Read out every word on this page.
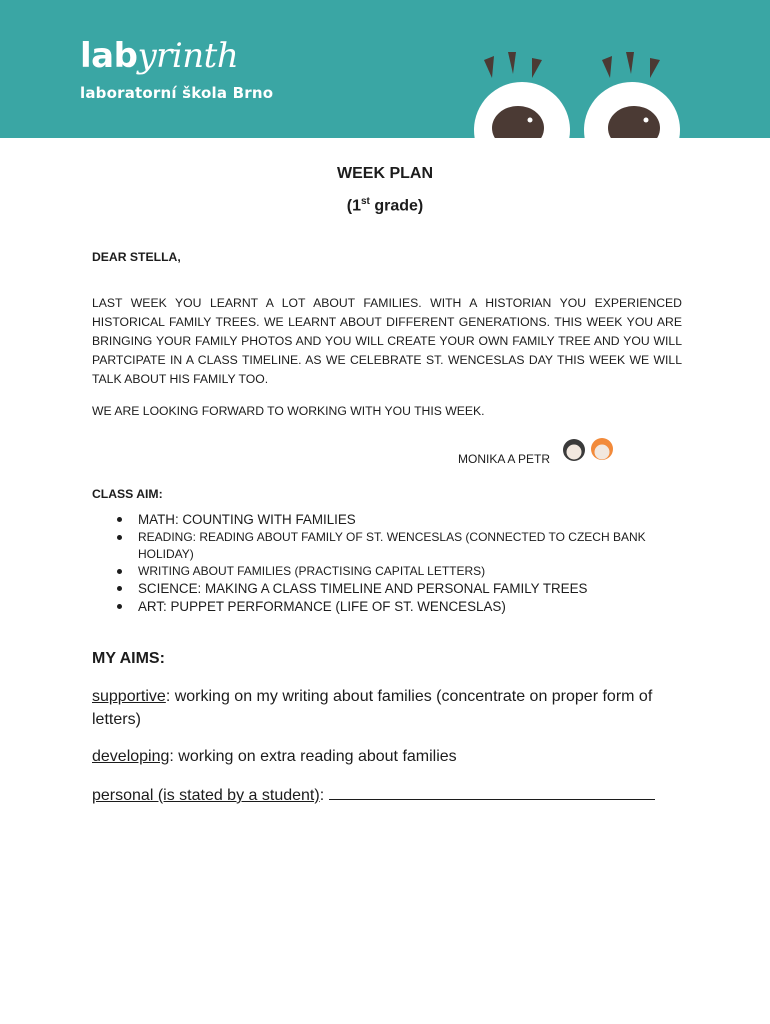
labyrinth
laboratorní škola Brno
WEEK PLAN
(1st grade)
DEAR STELLA,
LAST WEEK YOU LEARNT A LOT ABOUT FAMILIES. WITH A HISTORIAN YOU EXPERIENCED HISTORICAL FAMILY TREES. WE LEARNT ABOUT DIFFERENT GENERATIONS. THIS WEEK YOU ARE BRINGING YOUR FAMILY PHOTOS AND YOU WILL CREATE YOUR OWN FAMILY TREE AND YOU WILL PARTCIPATE IN A CLASS TIMELINE. AS WE CELEBRATE ST. WENCESLAS DAY THIS WEEK WE WILL TALK ABOUT HIS FAMILY TOO.
WE ARE LOOKING FORWARD TO WORKING WITH YOU THIS WEEK.
MONIKA A PETR
CLASS AIM:
MATH: COUNTING WITH FAMILIES
READING: READING ABOUT FAMILY OF ST. WENCESLAS (CONNECTED TO CZECH BANK HOLIDAY)
WRITING ABOUT FAMILIES (PRACTISING CAPITAL LETTERS)
SCIENCE: MAKING A CLASS TIMELINE AND PERSONAL FAMILY TREES
ART: PUPPET PERFORMANCE (LIFE OF ST. WENCESLAS)
MY AIMS:
supportive: working on my writing about families (concentrate on proper form of letters)
developing: working on extra reading about families
personal (is stated by a student):
